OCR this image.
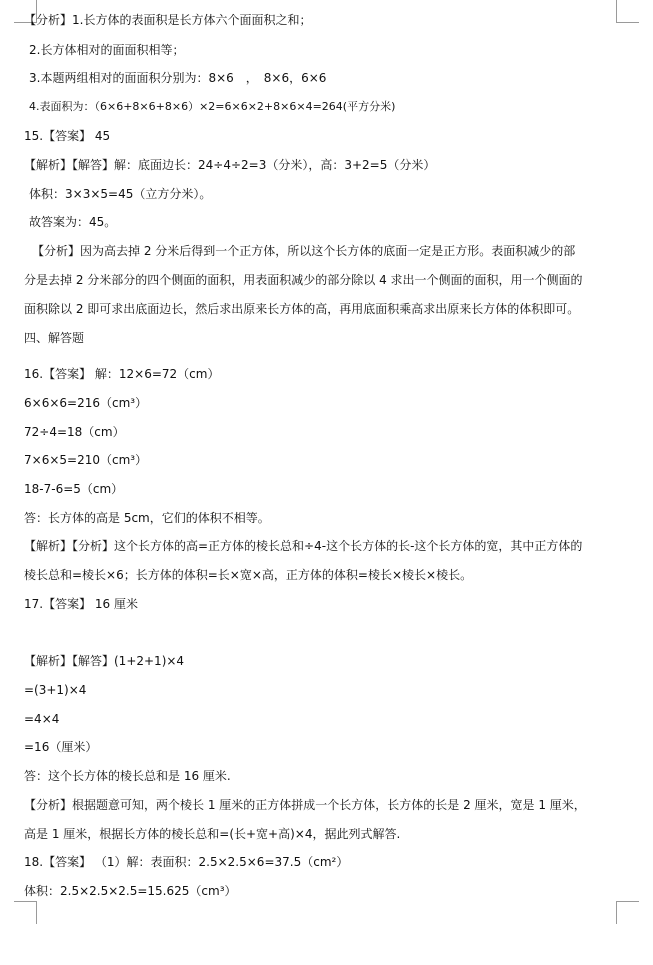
【分析】1.长方体的表面积是长方体六个面面积之和；
2.长方体相对的面面积相等；
3.本题两组相对的面面积分别为：8×6　，　8×6，6×6
4.表面积为：（6×6+8×6+8×6）×2=6×6×2+8×6×4=264(平方分米)
15.【答案】 45
【解析】【解答】解：底面边长：24÷4÷2=3（分米），高：3+2=5（分米）
体积：3×3×5=45（立方分米）。
故答案为：45。
【分析】因为高去掉 2 分米后得到一个正方体，所以这个长方体的底面一定是正方形。表面积减少的部
分是去掉 2 分米部分的四个侧面的面积，用表面积减少的部分除以 4 求出一个侧面的面积，用一个侧面的
面积除以 2 即可求出底面边长，然后求出原来长方体的高，再用底面积乘高求出原来长方体的体积即可。
四、解答题
16.【答案】 解：12×6=72（cm）
6×6×6=216（cm³）
72÷4=18（cm）
7×6×5=210（cm³）
18-7-6=5（cm）
答：长方体的高是 5cm，它们的体积不相等。
【解析】【分析】这个长方体的高=正方体的棱长总和÷4-这个长方体的长-这个长方体的宽，其中正方体的
棱长总和=棱长×6；长方体的体积=长×宽×高，正方体的体积=棱长×棱长×棱长。
17.【答案】 16 厘米
【解析】【解答】(1+2+1)×4
=(3+1)×4
=4×4
=16（厘米）
答：这个长方体的棱长总和是 16 厘米.
【分析】根据题意可知，两个棱长 1 厘米的正方体拼成一个长方体，长方体的长是 2 厘米，宽是 1 厘米，
高是 1 厘米，根据长方体的棱长总和=(长+宽+高)×4，据此列式解答.
18.【答案】 （1）解：表面积：2.5×2.5×6=37.5（cm²）
体积：2.5×2.5×2.5=15.625（cm³）
